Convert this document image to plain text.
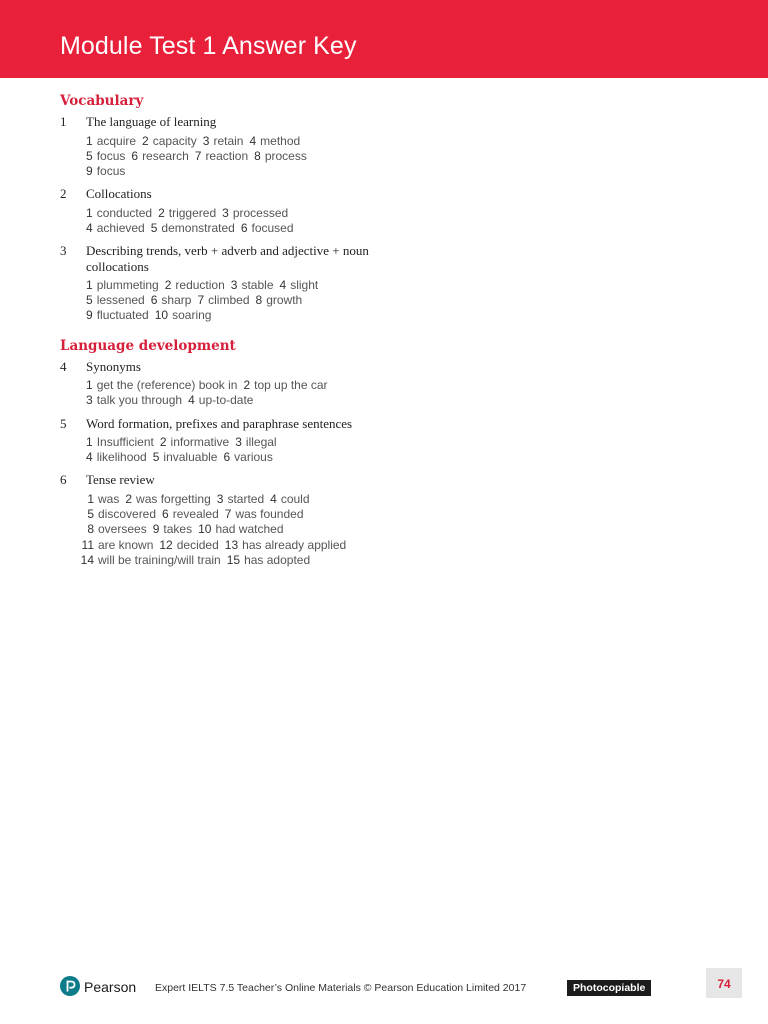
Module Test 1 Answer Key
Vocabulary
1	The language of learning
1 acquire 2 capacity 3 retain 4 method
5 focus 6 research 7 reaction 8 process
9 focus
2	Collocations
1 conducted 2 triggered 3 processed
4 achieved 5 demonstrated 6 focused
3	Describing trends, verb + adverb and adjective + noun collocations
1 plummeting 2 reduction 3 stable 4 slight
5 lessened 6 sharp 7 climbed 8 growth
9 fluctuated 10 soaring
Language development
4	Synonyms
1 get the (reference) book in 2 top up the car
3 talk you through 4 up-to-date
5	Word formation, prefixes and paraphrase sentences
1 Insufficient 2 informative 3 illegal
4 likelihood 5 invaluable 6 various
6	Tense review
1 was 2 was forgetting 3 started 4 could
5 discovered 6 revealed 7 was founded
8 oversees 9 takes 10 had watched
11 are known 12 decided 13 has already applied
14 will be training/will train 15 has adopted
Pearson Expert IELTS 7.5 Teacher’s Online Materials © Pearson Education Limited 2017	Photocopiable	74
